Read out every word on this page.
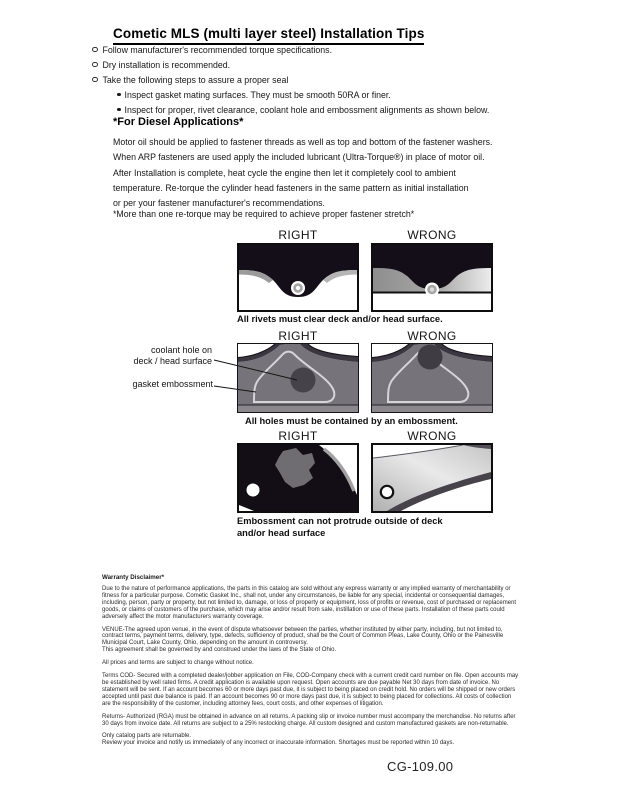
Cometic MLS (multi layer steel) Installation Tips
Follow manufacturer's recommended torque specifications.
Dry installation is recommended.
Take the following steps to assure a proper seal
Inspect gasket mating surfaces. They must be smooth 50RA or finer.
Inspect for proper, rivet clearance, coolant hole and embossment alignments as shown below.
*For Diesel Applications*
Motor oil should be applied to fastener threads as well as top and bottom of the fastener washers.
When ARP fasteners are used apply the included lubricant (Ultra-Torque®) in place of motor oil.
After Installation is complete, heat cycle the engine then let it completely cool to ambient
temperature. Re-torque the cylinder head fasteners in the same pattern as initial installation
or per your fastener manufacturer's recommendations.
*More than one re-torque may be required to achieve proper fastener stretch*
RIGHT	WRONG
All rivets must clear deck and/or head surface.
RIGHT	WRONG
coolant hole on
deck / head surface
gasket embossment
All holes must be contained by an embossment.
RIGHT	WRONG
Embossment can not protrude outside of deck
and/or head surface
Warranty Disclaimer*
Due to the nature of performance applications, the parts in this catalog are sold without any express warranty or any implied warranty of merchantability or
fitness for a particular purpose. Cometic Gasket Inc., shall not, under any circumstances, be liable for any special, incidental or consequential damages,
including, person, party or property, but not limited to, damage, or loss of property or equipment, loss of profits or revenue, cost of purchased or replacement
goods, or claims of customers of the purchase, which may arise and/or result from sale, instillation or use of these parts. Installation of these parts could
adversely affect the motor manufacturers warranty coverage.
VENUE-The agreed upon venue, in the event of dispute whatsoever between the parties, whether instituted by either party, including, but not limited to,
contract terms, payment terms, delivery, type, defects, sufficiency of product, shall be the Court of Common Pleas, Lake County, Ohio or the Painesville
Municipal Court, Lake County, Ohio, depending on the amount in controversy.
This agreement shall be governed by and construed under the laws of the State of Ohio.
All prices and terms are subject to change without notice.
Terms COD- Secured with a completed dealer/jobber application on File, COD-Company check with a current credit card number on file. Open accounts may
be established by well rated firms. A credit application is available upon request. Open accounts are due payable Net 30 days from date of invoice. No
statement will be sent. If an account becomes 60 or more days past due, it is subject to being placed on credit hold. No orders will be shipped or new orders
accepted until past due balance is paid. If an account becomes 90 or more days past due, it is subject to being placed for collections. All costs of collection
are the responsibility of the customer, including attorney fees, court costs, and other expenses of litigation.
Returns- Authorized (RGA) must be obtained in advance on all returns. A packing slip or invoice number must accompany the merchandise. No returns after
30 days from invoice date. All returns are subject to a 25% restocking charge. All custom designed and custom manufactured gaskets are non-returnable.
Only catalog parts are returnable.
Review your invoice and notify us immediately of any incorrect or inaccurate information. Shortages must be reported within 10 days.
CG-109.00
